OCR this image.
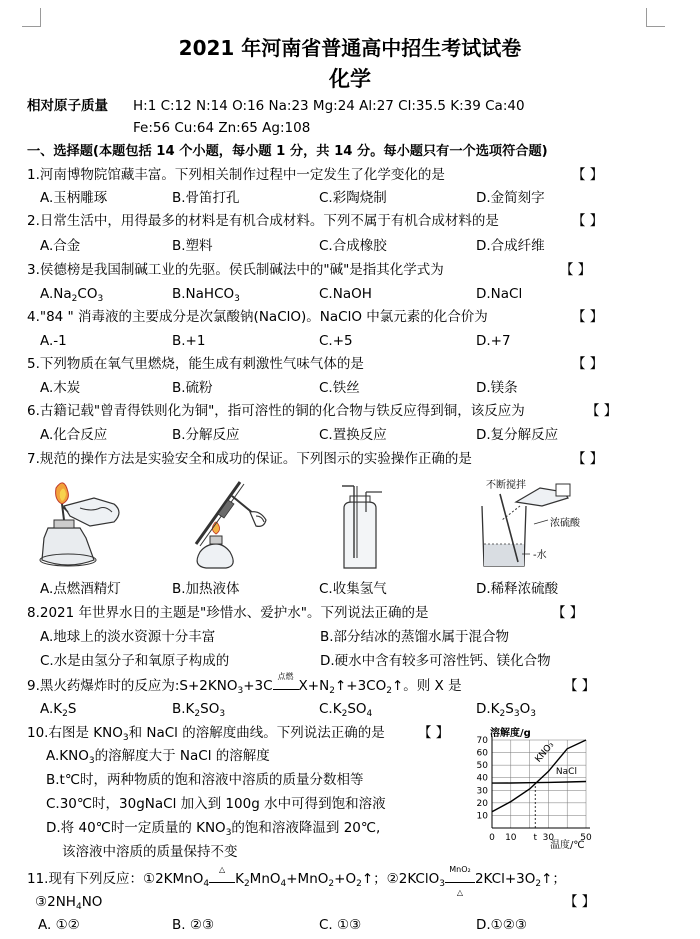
2021 年河南省普通高中招生考试试卷
化学
相对原子质量 H:1 C:12 N:14 O:16 Na:23 Mg:24 Al:27 Cl:35.5 K:39 Ca:40
Fe:56 Cu:64 Zn:65 Ag:108
一、选择题(本题包括 14 个小题，每小题 1 分，共 14 分。每小题只有一个选项符合题)
1.河南博物院馆藏丰富。下列相关制作过程中一定发生了化学变化的是	【 】
A.玉柄雕琢	B.骨笛打孔	C.彩陶烧制	D.金简刻字
2.日常生活中，用得最多的材料是有机合成材料。下列不属于有机合成材料的是	【 】
A.合金	B.塑料	C.合成橡胶	D.合成纤维
3.侯德榜是我国制碱工业的先驱。侯氏制碱法中的"碱"是指其化学式为	【 】
$A.Na_2CO_3$	B.NaHCO$_3$	C.NaOH	D.NaCl
4."84 " 消毒液的主要成分是次氯酸钠(NaClO)。NaClO 中氯元素的化合价为	【 】
A.-1	B.+1	C.+5	D.+7
5.下列物质在氧气里燃烧，能生成有刺激性气味气体的是	【 】
A.木炭	B.硫粉	C.铁丝	D.镁条
6.古籍记载"曾青得铁则化为铜"，指可溶性的铜的化合物与铁反应得到铜，该反应为	【 】
A.化合反应	B.分解反应	C.置换反应	D.复分解反应
7.规范的操作方法是实验安全和成功的保证。下列图示的实验操作正确的是	【 】
不断搅拌
浓硫酸
-水
A.点燃酒精灯	B.加热液体	C.收集氢气	D.稀释浓硫酸
8.2021 年世界水日的主题是"珍惜水、爱护水"。下列说法正确的是	【 】
A.地球上的淡水资源十分丰富	B.部分结冰的蒸馏水属于混合物
C.水是由氢分子和氧原子构成的	D.硬水中含有较多可溶性钙、镁化合物
9.黑火药爆炸时的反应为$:S+2KNO_3+3C$
点燃
$X+N_2↑+3CO_2↑$。则 X 是	【 】
$A.K_2S$	$B.K_2SO_3$	$C.K_2SO_4$	$D.K_2S_3O_3$
10.右图是 $KNO_3$和 NaCl 的溶解度曲线。下列说法正确的是 【 】
$A.KNO_3$的溶解度大于 NaCl 的溶解度
B.t℃时，两种物质的饱和溶液中溶质的质量分数相等
C.30℃时，30gNaCl 加入到 100g 水中可得到饱和溶液
D.将 40℃时一定质量的 $KNO_3$的饱和溶液降温到 20℃,
该溶液中溶质的质量保持不变
10
20
30
40
50
60
70
0 10 t 30	50
KNO₃
NaCl
溶解度/g
温度/℃
11.现有下列反应：①2KMnO$_4$
△
$K_2MnO_4+MnO_2+O_2↑$；②2KClO$_3$
MnO₂
△
$2KCl+3O_2↑$；
$③2NH_4NO$	【 】
A. ①②	B. ②③	C. ①③	D.①②③
